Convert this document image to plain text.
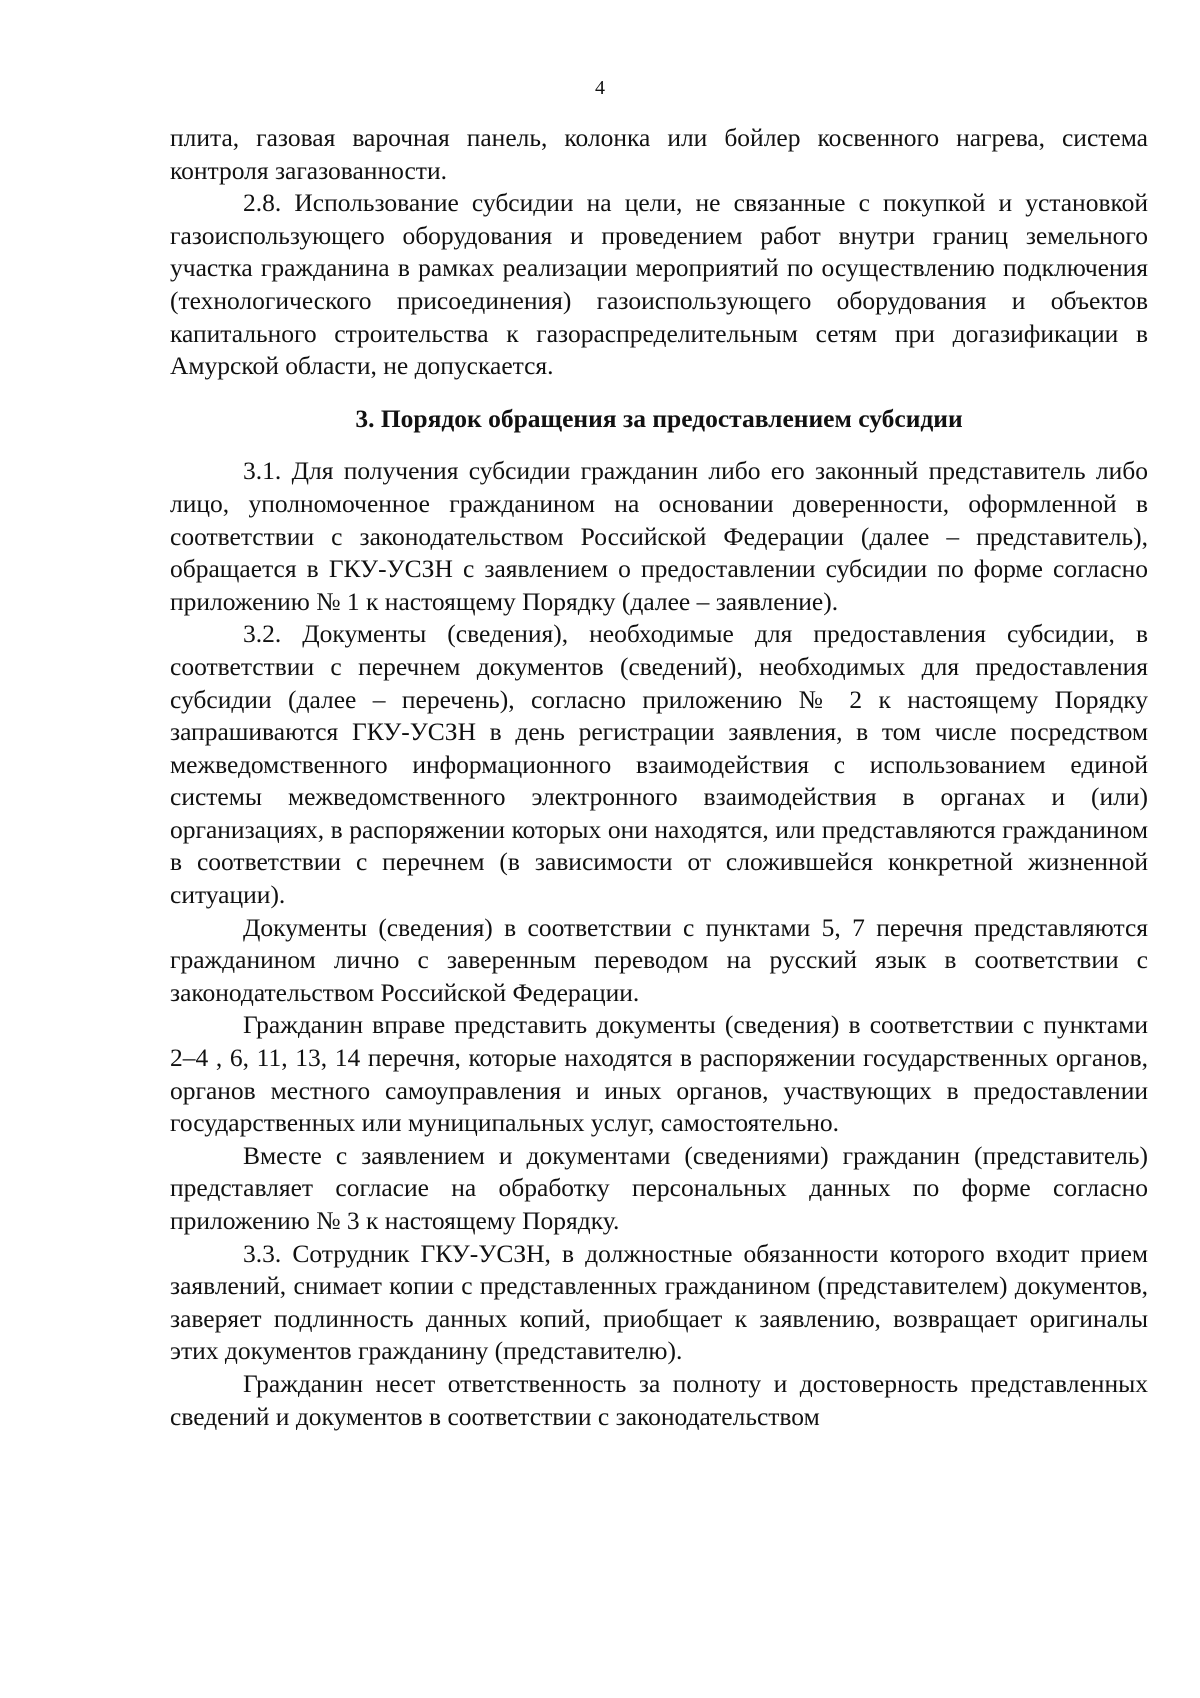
4

плита, газовая варочная панель, колонка или бойлер косвенного нагрева, система контроля загазованности.

2.8. Использование субсидии на цели, не связанные с покупкой и установкой газоиспользующего оборудования и проведением работ внутри границ земельного участка гражданина в рамках реализации мероприятий по осуществлению подключения (технологического присоединения) газоиспользующего оборудования и объектов капитального строительства к газораспределительным сетям при догазификации в Амурской области, не допускается.

3. Порядок обращения за предоставлением субсидии

3.1. Для получения субсидии гражданин либо его законный представитель либо лицо, уполномоченное гражданином на основании доверенности, оформленной в соответствии с законодательством Российской Федерации (далее – представитель), обращается в ГКУ-УСЗН с заявлением о предоставлении субсидии по форме согласно приложению № 1 к настоящему Порядку (далее – заявление).

3.2. Документы (сведения), необходимые для предоставления субсидии, в соответствии с перечнем документов (сведений), необходимых для предоставления субсидии (далее – перечень), согласно приложению № 2 к настоящему Порядку запрашиваются ГКУ-УСЗН в день регистрации заявления, в том числе посредством межведомственного информационного взаимодействия с использованием единой системы межведомственного электронного взаимодействия в органах и (или) организациях, в распоряжении которых они находятся, или представляются гражданином в соответствии с перечнем (в зависимости от сложившейся конкретной жизненной ситуации).

Документы (сведения) в соответствии с пунктами 5, 7 перечня представляются гражданином лично с заверенным переводом на русский язык в соответствии с законодательством Российской Федерации.

Гражданин вправе представить документы (сведения) в соответствии с пунктами 2–4 , 6, 11, 13, 14 перечня, которые находятся в распоряжении государственных органов, органов местного самоуправления и иных органов, участвующих в предоставлении государственных или муниципальных услуг, самостоятельно.

Вместе с заявлением и документами (сведениями) гражданин (представитель) представляет согласие на обработку персональных данных по форме согласно приложению № 3 к настоящему Порядку.

3.3. Сотрудник ГКУ-УСЗН, в должностные обязанности которого входит прием заявлений, снимает копии с представленных гражданином (представителем) документов, заверяет подлинность данных копий, приобщает к заявлению, возвращает оригиналы этих документов гражданину (представителю).

Гражданин несет ответственность за полноту и достоверность представленных сведений и документов в соответствии с законодательством
